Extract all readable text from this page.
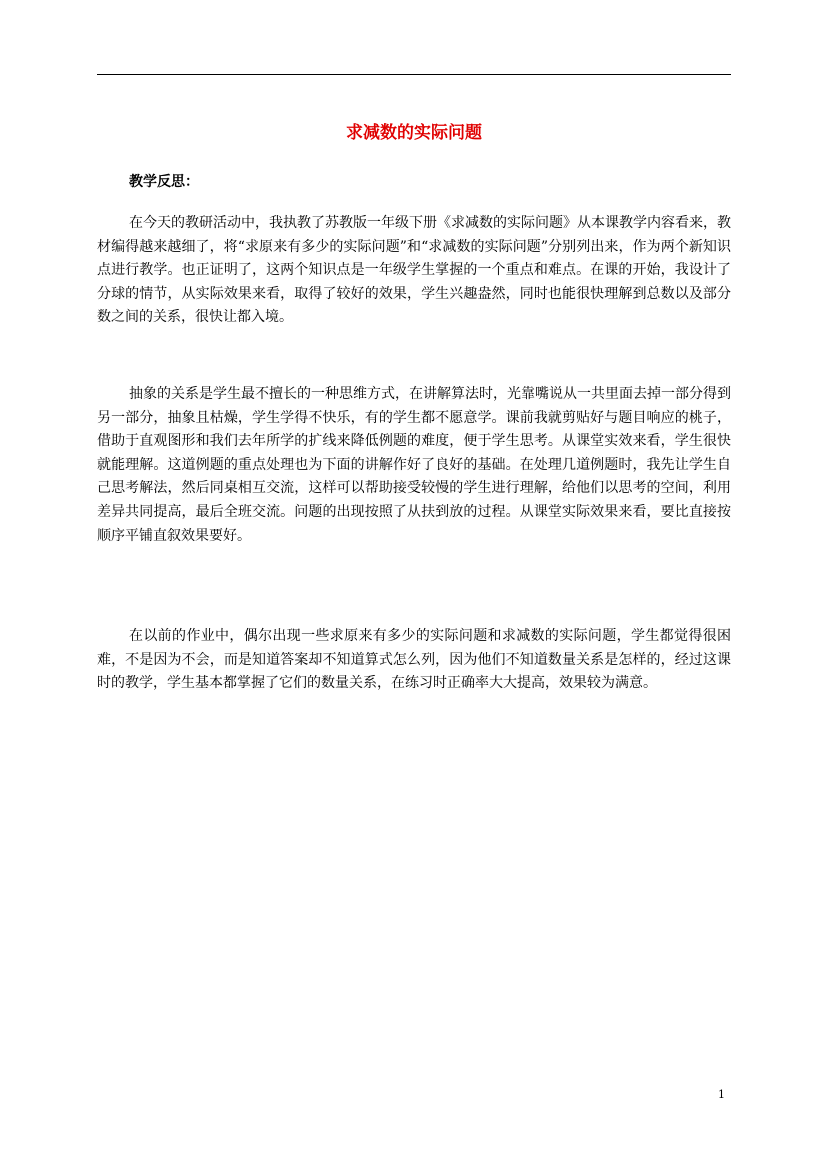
求减数的实际问题
教学反思：

在今天的教研活动中，我执教了苏教版一年级下册《求减数的实际问题》从本课教学内容看来，教材编得越来越细了，将“求原来有多少的实际问题”和“求减数的实际问题”分别列出来，作为两个新知识点进行教学。也正证明了，这两个知识点是一年级学生掌握的一个重点和难点。在课的开始，我设计了分球的情节，从实际效果来看，取得了较好的效果，学生兴趣盎然，同时也能很快理解到总数以及部分数之间的关系，很快让都入境。

抽象的关系是学生最不擅长的一种思维方式，在讲解算法时，光靠嘴说从一共里面去掉一部分得到另一部分，抽象且枯燥，学生学得不快乐，有的学生都不愿意学。课前我就剪贴好与题目响应的桃子，借助于直观图形和我们去年所学的扩线来降低例题的难度，便于学生思考。从课堂实效来看，学生很快就能理解。这道例题的重点处理也为下面的讲解作好了良好的基础。在处理几道例题时，我先让学生自己思考解法，然后同桌相互交流，这样可以帮助接受较慢的学生进行理解，给他们以思考的空间，利用差异共同提高，最后全班交流。问题的出现按照了从扶到放的过程。从课堂实际效果来看，要比直接按顺序平铺直叙效果要好。

在以前的作业中，偶尔出现一些求原来有多少的实际问题和求减数的实际问题，学生都觉得很困难，不是因为不会，而是知道答案却不知道算式怎么列，因为他们不知道数量关系是怎样的，经过这课时的教学，学生基本都掌握了它们的数量关系，在练习时正确率大大提高，效果较为满意。

1
